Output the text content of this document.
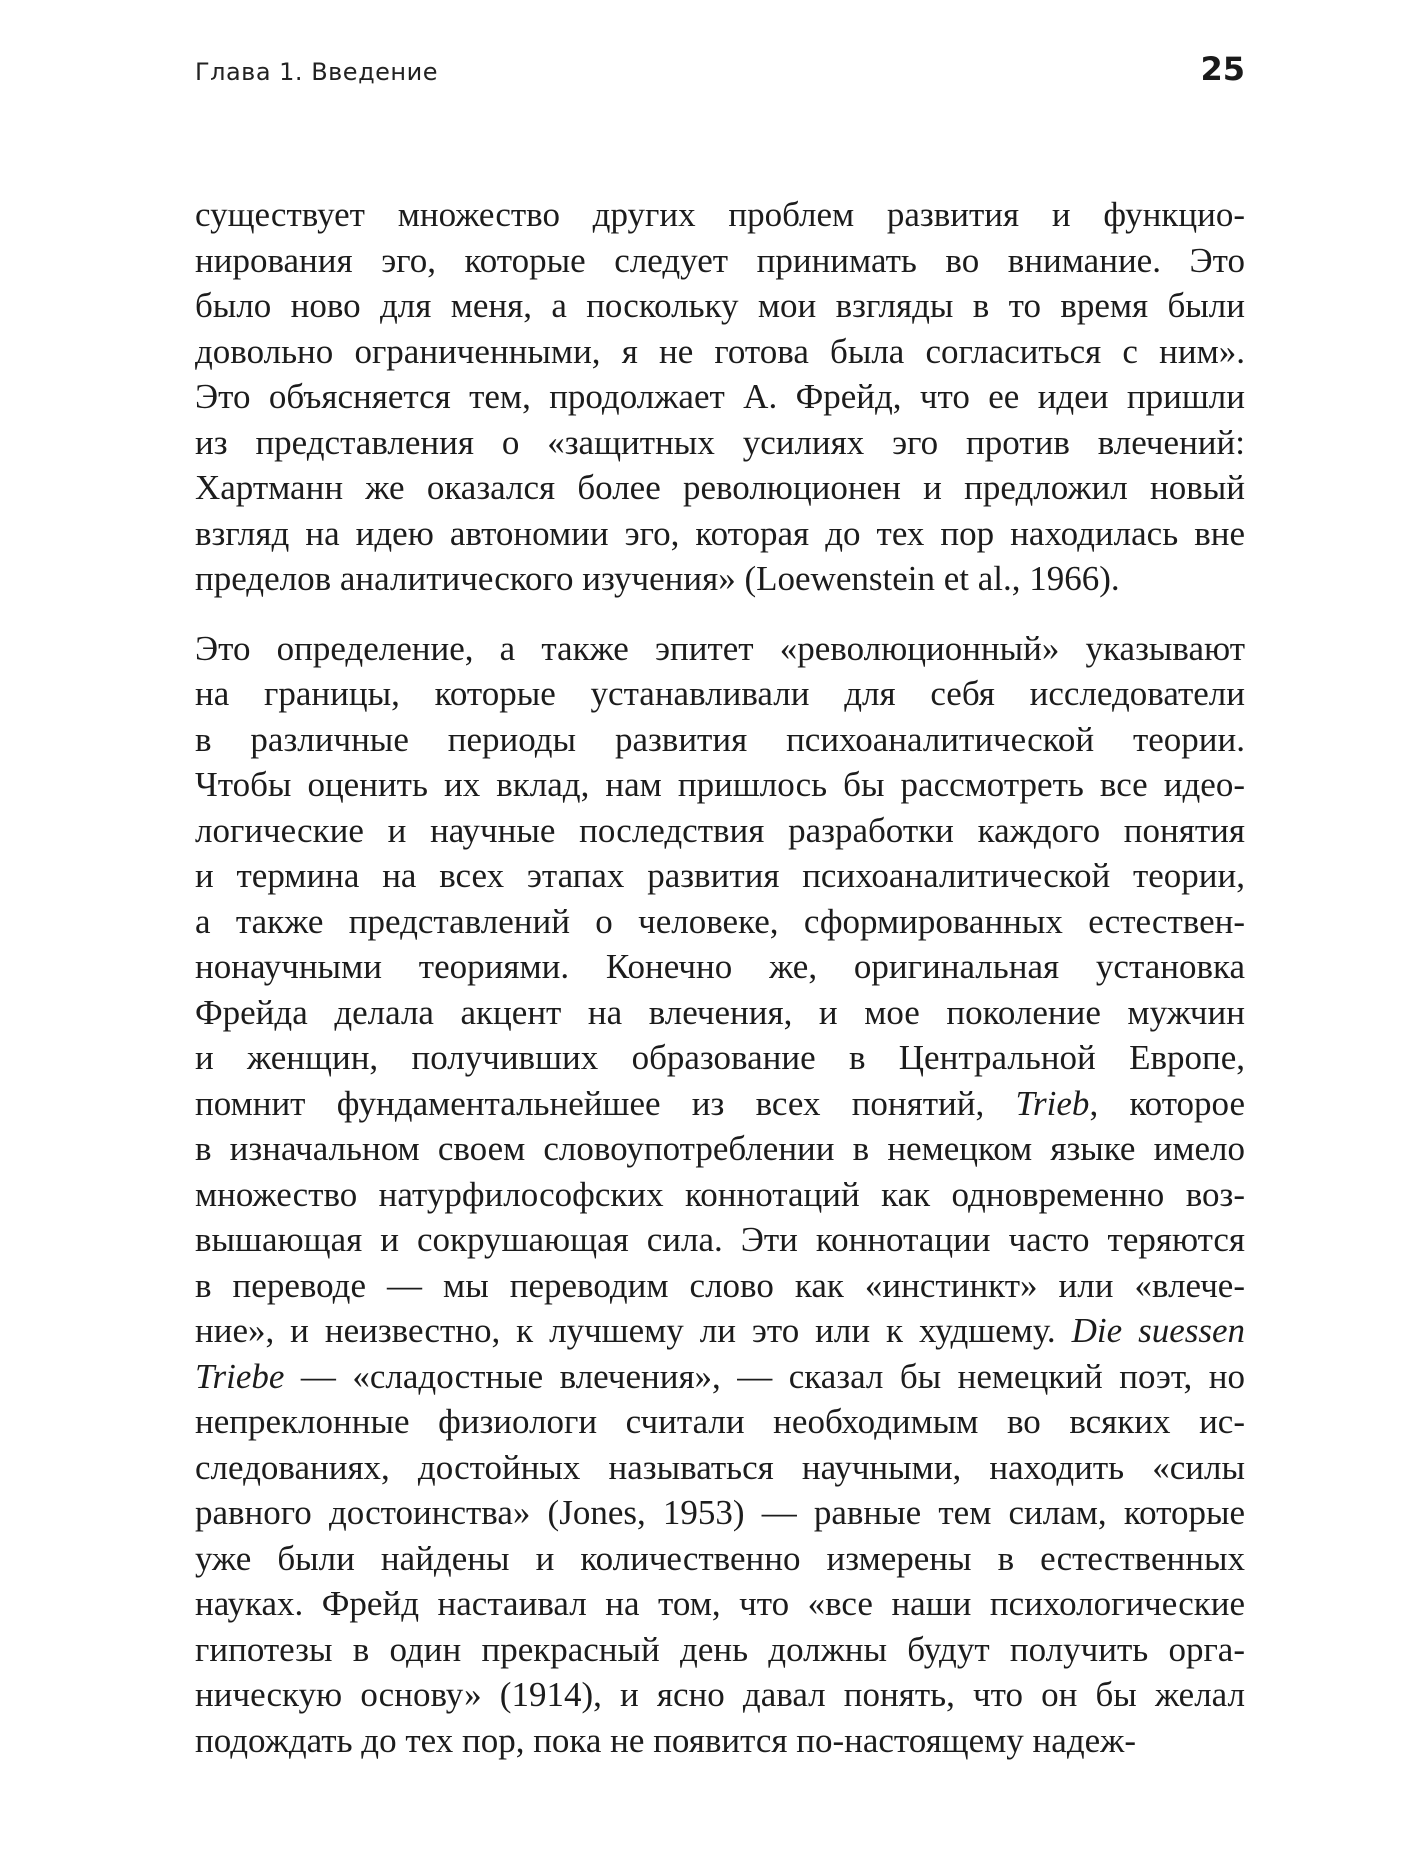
Глава 1. Введение	25
существует множество других проблем развития и функцио-
нирования эго, которые следует принимать во внимание. Это
было ново для меня, а поскольку мои взгляды в то время были
довольно ограниченными, я не готова была согласиться с ним».
Это объясняется тем, продолжает А. Фрейд, что ее идеи пришли
из представления о «защитных усилиях эго против влечений:
Хартманн же оказался более революционен и предложил новый
взгляд на идею автономии эго, которая до тех пор находилась вне
пределов аналитического изучения» (Loewenstein et al., 1966).
Это определение, а также эпитет «революционный» указывают
на границы, которые устанавливали для себя исследователи
в различные периоды развития психоаналитической теории.
Чтобы оценить их вклад, нам пришлось бы рассмотреть все идео-
логические и научные последствия разработки каждого понятия
и термина на всех этапах развития психоаналитической теории,
а также представлений о человеке, сформированных естествен-
нонаучными теориями. Конечно же, оригинальная установка
Фрейда делала акцент на влечения, и мое поколение мужчин
и женщин, получивших образование в Центральной Европе,
помнит фундаментальнейшее из всех понятий, Trieb, которое
в изначальном своем словоупотреблении в немецком языке имело
множество натурфилософских коннотаций как одновременно воз-
вышающая и сокрушающая сила. Эти коннотации часто теряются
в переводе — мы переводим слово как «инстинкт» или «влече-
ние», и неизвестно, к лучшему ли это или к худшему. Die suessen
Triebe — «сладостные влечения», — сказал бы немецкий поэт, но
непреклонные физиологи считали необходимым во всяких ис-
следованиях, достойных называться научными, находить «силы
равного достоинства» (Jones, 1953) — равные тем силам, которые
уже были найдены и количественно измерены в естественных
науках. Фрейд настаивал на том, что «все наши психологические
гипотезы в один прекрасный день должны будут получить орга-
ническую основу» (1914), и ясно давал понять, что он бы желал
подождать до тех пор, пока не появится по-настоящему надеж-
